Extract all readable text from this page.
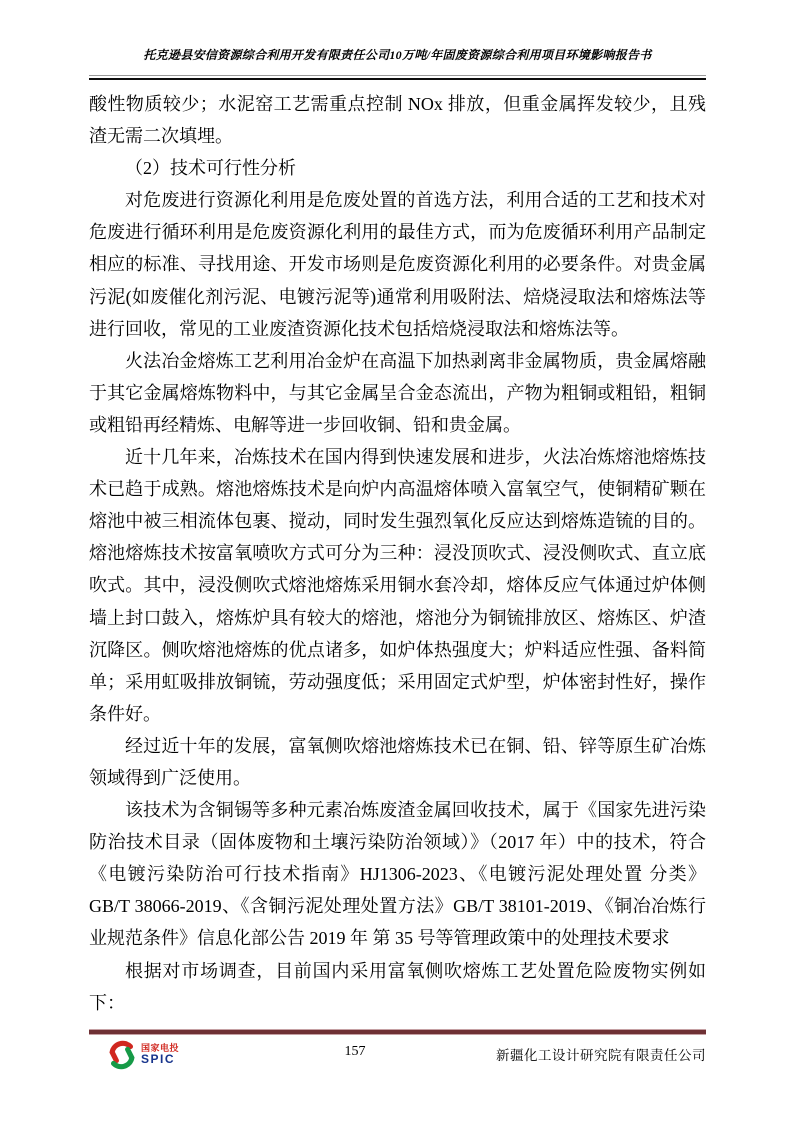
托克逊县安信资源综合利用开发有限责任公司10万吨/年固废资源综合利用项目环境影响报告书

酸性物质较少；水泥窑工艺需重点控制 NOx 排放，但重金属挥发较少，且残渣无需二次填埋。

（2）技术可行性分析

对危废进行资源化利用是危废处置的首选方法，利用合适的工艺和技术对危废进行循环利用是危废资源化利用的最佳方式，而为危废循环利用产品制定相应的标准、寻找用途、开发市场则是危废资源化利用的必要条件。对贵金属污泥(如废催化剂污泥、电镀污泥等)通常利用吸附法、焙烧浸取法和熔炼法等进行回收，常见的工业废渣资源化技术包括焙烧浸取法和熔炼法等。

火法冶金熔炼工艺利用冶金炉在高温下加热剥离非金属物质，贵金属熔融于其它金属熔炼物料中，与其它金属呈合金态流出，产物为粗铜或粗铅，粗铜或粗铅再经精炼、电解等进一步回收铜、铅和贵金属。

近十几年来，冶炼技术在国内得到快速发展和进步，火法冶炼熔池熔炼技术已趋于成熟。熔池熔炼技术是向炉内高温熔体喷入富氧空气，使铜精矿颗在熔池中被三相流体包裹、搅动，同时发生强烈氧化反应达到熔炼造锍的目的。熔池熔炼技术按富氧喷吹方式可分为三种：浸没顶吹式、浸没侧吹式、直立底吹式。其中，浸没侧吹式熔池熔炼采用铜水套冷却，熔体反应气体通过炉体侧墙上封口鼓入，熔炼炉具有较大的熔池，熔池分为铜锍排放区、熔炼区、炉渣沉降区。侧吹熔池熔炼的优点诸多，如炉体热强度大；炉料适应性强、备料简单；采用虹吸排放铜锍，劳动强度低；采用固定式炉型，炉体密封性好，操作条件好。

经过近十年的发展，富氧侧吹熔池熔炼技术已在铜、铅、锌等原生矿冶炼领域得到广泛使用。

该技术为含铜锡等多种元素冶炼废渣金属回收技术，属于《国家先进污染防治技术目录（固体废物和土壤污染防治领域）》（2017 年）中的技术，符合《电镀污染防治可行技术指南》HJ1306-2023、《电镀污泥处理处置 分类》GB/T 38066-2019、《含铜污泥处理处置方法》GB/T 38101-2019、《铜冶冶炼行业规范条件》信息化部公告 2019 年 第 35 号等管理政策中的处理技术要求

根据对市场调查，目前国内采用富氧侧吹熔炼工艺处置危险废物实例如下：

国家电投
SPIC
157	新疆化工设计研究院有限责任公司
